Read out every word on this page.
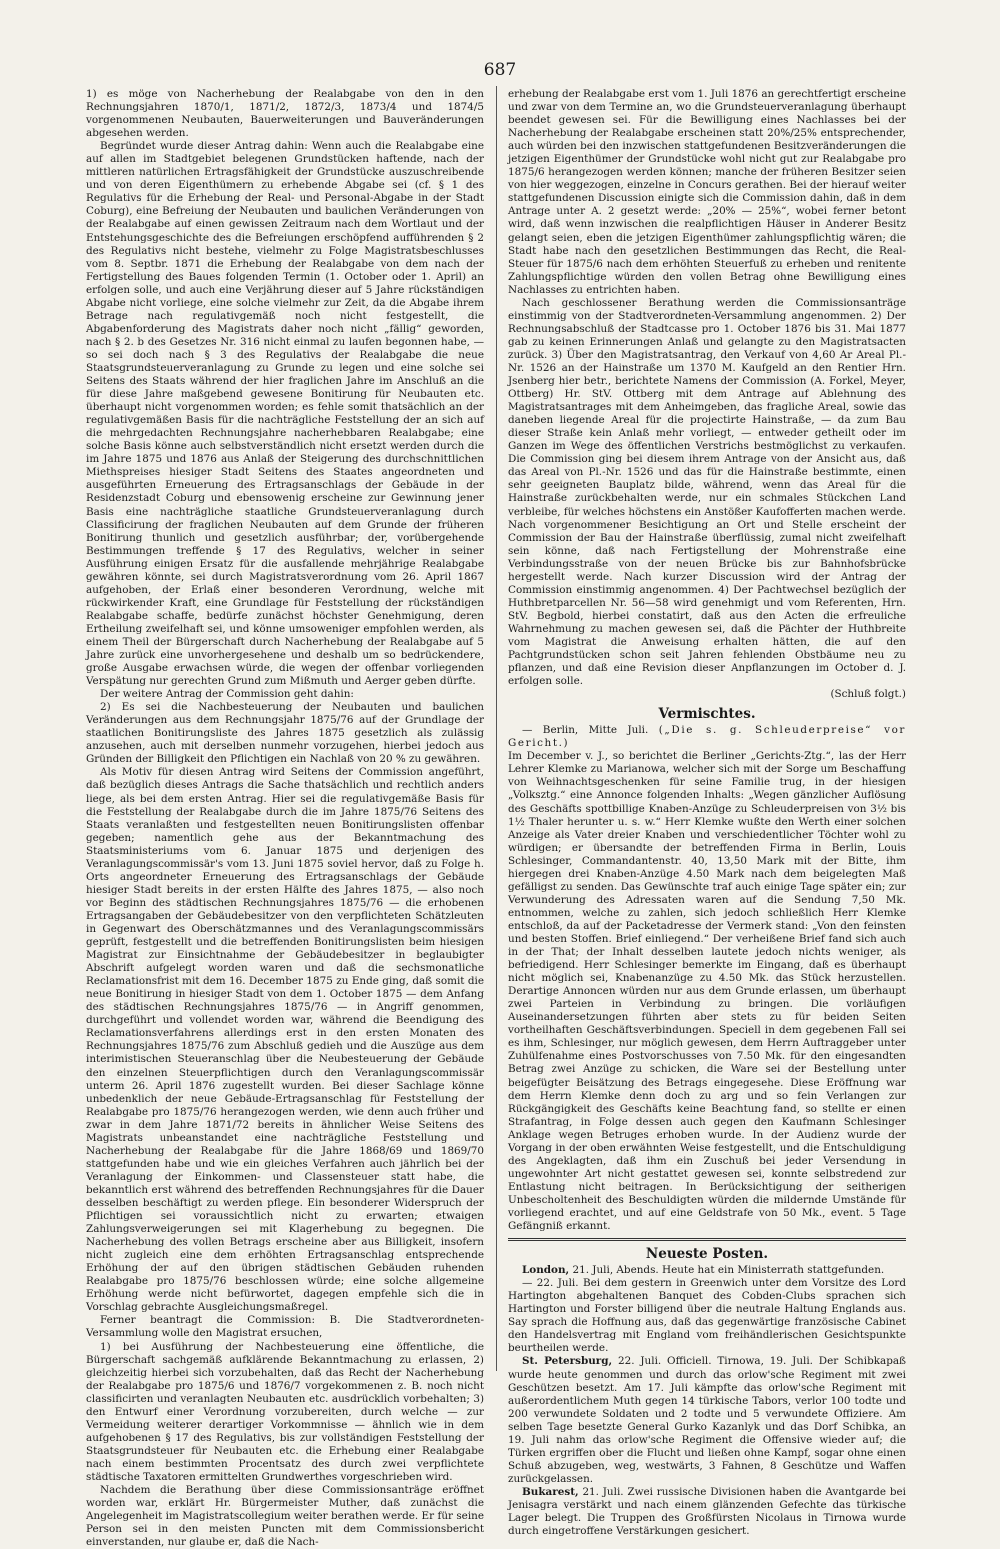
687

1) es möge von Nacherhebung der Realabgabe von den in den Rechnungsjahren 1870/1, 1871/2, 1872/3, 1873/4 und 1874/5 vorgenommenen Neubauten, Bauerweiterungen und Bauveränderungen abgesehen werden.

Begründet wurde dieser Antrag dahin: Wenn auch die Realabgabe eine auf allen im Stadtgebiet belegenen Grundstücken haftende, nach der mittleren natürlichen Ertragsfähigkeit der Grundstücke auszuschreibende und von deren Eigenthümern zu erhebende Abgabe sei (cf. § 1 des Regulativs für die Erhebung der Real- und Personal-Abgabe in der Stadt Coburg), eine Befreiung der Neubauten und baulichen Veränderungen von der Realabgabe auf einen gewissen Zeitraum nach dem Wortlaut und der Entstehungsgeschichte des die Befreiungen erschöpfend aufführenden § 2 des Regulativs nicht bestehe, vielmehr zu Folge Magistratsbeschlusses vom 8. Septbr. 1871 die Erhebung der Realabgabe von dem nach der Fertigstellung des Baues folgenden Termin (1. October oder 1. April) an erfolgen solle, und auch eine Verjährung dieser auf 5 Jahre rückständigen Abgabe nicht vorliege, eine solche vielmehr zur Zeit, da die Abgabe ihrem Betrage nach regulativgemäß noch nicht festgestellt, die Abgabenforderung des Magistrats daher noch nicht „fällig“ geworden, nach § 2. b des Gesetzes Nr. 316 nicht einmal zu laufen begonnen habe, — so sei doch nach § 3 des Regulativs der Realabgabe die neue Staatsgrundsteuerveranlagung zu Grunde zu legen und eine solche sei Seitens des Staats während der hier fraglichen Jahre im Anschluß an die für diese Jahre maßgebend gewesene Bonitirung für Neubauten etc. überhaupt nicht vorgenommen worden; es fehle somit thatsächlich an der regulativgemäßen Basis für die nachträgliche Feststellung der an sich auf die mehrgedachten Rechnungsjahre nacherhebbaren Realabgabe; eine solche Basis könne auch selbstverständlich nicht ersetzt werden durch die im Jahre 1875 und 1876 aus Anlaß der Steigerung des durchschnittlichen Miethspreises hiesiger Stadt Seitens des Staates angeordneten und ausgeführten Erneuerung des Ertragsanschlags der Gebäude in der Residenzstadt Coburg und ebensowenig erscheine zur Gewinnung jener Basis eine nachträgliche staatliche Grundsteuerveranlagung durch Classificirung der fraglichen Neubauten auf dem Grunde der früheren Bonitirung thunlich und gesetzlich ausführbar; der, vorübergehende Bestimmungen treffende § 17 des Regulativs, welcher in seiner Ausführung einigen Ersatz für die ausfallende mehrjährige Realabgabe gewähren könnte, sei durch Magistratsverordnung vom 26. April 1867 aufgehoben, der Erlaß einer besonderen Verordnung, welche mit rückwirkender Kraft, eine Grundlage für Feststellung der rückständigen Realabgabe schaffe, bedürfe zunächst höchster Genehmigung, deren Ertheilung zweifelhaft sei, und könne umsoweniger empfohlen werden, als einem Theil der Bürgerschaft durch Nacherhebung der Realabgabe auf 5 Jahre zurück eine unvorhergesehene und deshalb um so bedrückendere, große Ausgabe erwachsen würde, die wegen der offenbar vorliegenden Verspätung nur gerechten Grund zum Mißmuth und Aerger geben dürfte.

Der weitere Antrag der Commission geht dahin:

2) Es sei die Nachbesteuerung der Neubauten und baulichen Veränderungen aus dem Rechnungsjahr 1875/76 auf der Grundlage der staatlichen Bonitirungsliste des Jahres 1875 gesetzlich als zulässig anzusehen, auch mit derselben nunmehr vorzugehen, hierbei jedoch aus Gründen der Billigkeit den Pflichtigen ein Nachlaß von 20 % zu gewähren.

Als Motiv für diesen Antrag wird Seitens der Commission angeführt, daß bezüglich dieses Antrags die Sache thatsächlich und rechtlich anders liege, als bei dem ersten Antrag. Hier sei die regulativgemäße Basis für die Feststellung der Realabgabe durch die im Jahre 1875/76 Seitens des Staats veranlaßten und festgestellten neuen Bonitirungslisten offenbar gegeben; namentlich gehe aus der Bekanntmachung des Staatsministeriums vom 6. Januar 1875 und derjenigen des Veranlagungscommissär's vom 13. Juni 1875 soviel hervor, daß zu Folge h. Orts angeordneter Erneuerung des Ertragsanschlags der Gebäude hiesiger Stadt bereits in der ersten Hälfte des Jahres 1875, — also noch vor Beginn des städtischen Rechnungsjahres 1875/76 — die erhobenen Ertragsangaben der Gebäudebesitzer von den verpflichteten Schätzleuten in Gegenwart des Oberschätzmannes und des Veranlagungscommissärs geprüft, festgestellt und die betreffenden Bonitirungslisten beim hiesigen Magistrat zur Einsichtnahme der Gebäudebesitzer in beglaubigter Abschrift aufgelegt worden waren und daß die sechsmonatliche Reclamationsfrist mit dem 16. December 1875 zu Ende ging, daß somit die neue Bonitirung in hiesiger Stadt von dem 1. October 1875 — dem Anfang des städtischen Rechnungsjahres 1875/76 — in Angriff genommen, durchgeführt und vollendet worden war, während die Beendigung des Reclamationsverfahrens allerdings erst in den ersten Monaten des Rechnungsjahres 1875/76 zum Abschluß gedieh und die Auszüge aus dem interimistischen Steueranschlag über die Neubesteuerung der Gebäude den einzelnen Steuerpflichtigen durch den Veranlagungscommissär unterm 26. April 1876 zugestellt wurden. Bei dieser Sachlage könne unbedenklich der neue Gebäude-Ertragsanschlag für Feststellung der Realabgabe pro 1875/76 herangezogen werden, wie denn auch früher und zwar in dem Jahre 1871/72 bereits in ähnlicher Weise Seitens des Magistrats unbeanstandet eine nachträgliche Feststellung und Nacherhebung der Realabgabe für die Jahre 1868/69 und 1869/70 stattgefunden habe und wie ein gleiches Verfahren auch jährlich bei der Veranlagung der Einkommen- und Classensteuer statt habe, die bekanntlich erst während des betreffenden Rechnungsjahres für die Dauer desselben beschäftigt zu werden pflege. Ein besonderer Widerspruch der Pflichtigen sei voraussichtlich nicht zu erwarten; etwaigen Zahlungsverweigerungen sei mit Klagerhebung zu begegnen. Die Nacherhebung des vollen Betrags erscheine aber aus Billigkeit, insofern nicht zugleich eine dem erhöhten Ertragsanschlag entsprechende Erhöhung der auf den übrigen städtischen Gebäuden ruhenden Realabgabe pro 1875/76 beschlossen würde; eine solche allgemeine Erhöhung werde nicht befürwortet, dagegen empfehle sich die in Vorschlag gebrachte Ausgleichungsmaßregel.

Ferner beantragt die Commission: B. Die Stadtverordneten-Versammlung wolle den Magistrat ersuchen,

1) bei Ausführung der Nachbesteuerung eine öffentliche, die Bürgerschaft sachgemäß aufklärende Bekanntmachung zu erlassen, 2) gleichzeitig hierbei sich vorzubehalten, daß das Recht der Nacherhebung der Realabgabe pro 1875/6 und 1876/7 vorgekommenen z. B. noch nicht classificirten und veranlagten Neubauten etc. ausdrücklich vorbehalten; 3) den Entwurf einer Verordnung vorzubereiten, durch welche — zur Vermeidung weiterer derartiger Vorkommnisse — ähnlich wie in dem aufgehobenen § 17 des Regulativs, bis zur vollständigen Feststellung der Staatsgrundsteuer für Neubauten etc. die Erhebung einer Realabgabe nach einem bestimmten Procentsatz des durch zwei verpflichtete städtische Taxatoren ermittelten Grundwerthes vorgeschrieben wird.

Nachdem die Berathung über diese Commissionsanträge eröffnet worden war, erklärt Hr. Bürgermeister Muther, daß zunächst die Angelegenheit im Magistratscollegium weiter berathen werde. Er für seine Person sei in den meisten Puncten mit dem Commissionsbericht einverstanden, nur glaube er, daß die Nach-

erhebung der Realabgabe erst vom 1. Juli 1876 an gerechtfertigt erscheine und zwar von dem Termine an, wo die Grundsteuerveranlagung überhaupt beendet gewesen sei. Für die Bewilligung eines Nachlasses bei der Nacherhebung der Realabgabe erscheinen statt 20%/25% entsprechender, auch würden bei den inzwischen stattgefundenen Besitzveränderungen die jetzigen Eigenthümer der Grundstücke wohl nicht gut zur Realabgabe pro 1875/6 herangezogen werden können; manche der früheren Besitzer seien von hier weggezogen, einzelne in Concurs gerathen. Bei der hierauf weiter stattgefundenen Discussion einigte sich die Commission dahin, daß in dem Antrage unter A. 2 gesetzt werde: „20% — 25%“, wobei ferner betont wird, daß wenn inzwischen die realpflichtigen Häuser in Anderer Besitz gelangt seien, eben die jetzigen Eigenthümer zahlungspflichtig wären; die Stadt habe nach den gesetzlichen Bestimmungen das Recht, die Real-Steuer für 1875/6 nach dem erhöhten Steuerfuß zu erheben und renitente Zahlungspflichtige würden den vollen Betrag ohne Bewilligung eines Nachlasses zu entrichten haben.

Nach geschlossener Berathung werden die Commissionsanträge einstimmig von der Stadtverordneten-Versammlung angenommen. 2) Der Rechnungsabschluß der Stadtcasse pro 1. October 1876 bis 31. Mai 1877 gab zu keinen Erinnerungen Anlaß und gelangte zu den Magistratsacten zurück. 3) Über den Magistratsantrag, den Verkauf von 4,60 Ar Areal Pl.-Nr. 1526 an der Hainstraße um 1370 M. Kaufgeld an den Rentier Hrn. Jsenberg hier betr., berichtete Namens der Commission (A. Forkel, Meyer, Ottberg) Hr. StV. Ottberg mit dem Antrage auf Ablehnung des Magistratsantrages mit dem Anheimgeben, das fragliche Areal, sowie das daneben liegende Areal für die projectirte Hainstraße, — da zum Bau dieser Straße kein Anlaß mehr vorliegt, — entweder getheilt oder im Ganzen im Wege des öffentlichen Verstrichs bestmöglichst zu verkaufen. Die Commission ging bei diesem ihrem Antrage von der Ansicht aus, daß das Areal von Pl.-Nr. 1526 und das für die Hainstraße bestimmte, einen sehr geeigneten Bauplatz bilde, während, wenn das Areal für die Hainstraße zurückbehalten werde, nur ein schmales Stückchen Land verbleibe, für welches höchstens ein Anstößer Kaufofferten machen werde. Nach vorgenommener Besichtigung an Ort und Stelle erscheint der Commission der Bau der Hainstraße überflüssig, zumal nicht zweifelhaft sein könne, daß nach Fertigstellung der Mohrenstraße eine Verbindungsstraße von der neuen Brücke bis zur Bahnhofsbrücke hergestellt werde. Nach kurzer Discussion wird der Antrag der Commission einstimmig angenommen. 4) Der Pachtwechsel bezüglich der Huthbretparcellen Nr. 56—58 wird genehmigt und vom Referenten, Hrn. StV. Begbold, hierbei constatirt, daß aus den Acten die erfreuliche Wahrnehmung zu machen gewesen sei, daß die Pächter der Huthbreite vom Magistrat die Anweisung erhalten hätten, die auf den Pachtgrundstücken schon seit Jahren fehlenden Obstbäume neu zu pflanzen, und daß eine Revision dieser Anpflanzungen im October d. J. erfolgen solle.

(Schluß folgt.)
Vermischtes.

— Berlin, Mitte Juli. („Die s. g. Schleuderpreise“ vor Gericht.)

Im December v. J., so berichtet die Berliner „Gerichts-Ztg.“, las der Herr Lehrer Klemke zu Marianowa, welcher sich mit der Sorge um Beschaffung von Weihnachtsgeschenken für seine Familie trug, in der hiesigen „Volksztg.“ eine Annonce folgenden Inhalts: „Wegen gänzlicher Auflösung des Geschäfts spottbillige Knaben-Anzüge zu Schleuderpreisen von 3½ bis 1½ Thaler herunter u. s. w.“ Herr Klemke wußte den Werth einer solchen Anzeige als Vater dreier Knaben und verschiedentlicher Töchter wohl zu würdigen; er übersandte der betreffenden Firma in Berlin, Louis Schlesinger, Commandantenstr. 40, 13,50 Mark mit der Bitte, ihm hiergegen drei Knaben-Anzüge 4.50 Mark nach dem beigelegten Maß gefälligst zu senden. Das Gewünschte traf auch einige Tage später ein; zur Verwunderung des Adressaten waren auf die Sendung 7,50 Mk. entnommen, welche zu zahlen, sich jedoch schließlich Herr Klemke entschloß, da auf der Packetadresse der Vermerk stand: „Von den feinsten und besten Stoffen. Brief einliegend.“ Der verheißene Brief fand sich auch in der That; der Inhalt desselben lautete jedoch nichts weniger, als befriedigend. Herr Schlesinger bemerkte im Eingang, daß es überhaupt nicht möglich sei, Knabenanzüge zu 4.50 Mk. das Stück herzustellen. Derartige Annoncen würden nur aus dem Grunde erlassen, um überhaupt zwei Parteien in Verbindung zu bringen. Die vorläufigen Auseinandersetzungen führten aber stets zu für beiden Seiten vortheilhaften Geschäftsverbindungen. Speciell in dem gegebenen Fall sei es ihm, Schlesinger, nur möglich gewesen, dem Herrn Auftraggeber unter Zuhülfenahme eines Postvorschusses von 7.50 Mk. für den eingesandten Betrag zwei Anzüge zu schicken, die Ware sei der Bestellung unter beigefügter Beisätzung des Betrags eingegesehe. Diese Eröffnung war dem Herrn Klemke denn doch zu arg und so fein Verlangen zur Rückgängigkeit des Geschäfts keine Beachtung fand, so stellte er einen Strafantrag, in Folge dessen auch gegen den Kaufmann Schlesinger Anklage wegen Betruges erhoben wurde. In der Audienz wurde der Vorgang in der oben erwähnten Weise festgestellt, und die Entschuldigung des Angeklagten, daß ihm ein Zuschuß bei jeder Versendung in ungewohnter Art nicht gestattet gewesen sei, konnte selbstredend zur Entlastung nicht beitragen. In Berücksichtigung der seitherigen Unbescholtenheit des Beschuldigten würden die mildernde Umstände für vorliegend erachtet, und auf eine Geldstrafe von 50 Mk., event. 5 Tage Gefängniß erkannt.

Neueste Posten.

London, 21. Juli, Abends. Heute hat ein Ministerrath stattgefunden.

— 22. Juli. Bei dem gestern in Greenwich unter dem Vorsitze des Lord Hartington abgehaltenen Banquet des Cobden-Clubs sprachen sich Hartington und Forster billigend über die neutrale Haltung Englands aus. Say sprach die Hoffnung aus, daß das gegenwärtige französische Cabinet den Handelsvertrag mit England vom freihändlerischen Gesichtspunkte beurtheilen werde.

St. Petersburg, 22. Juli. Officiell. Tirnowa, 19. Juli. Der Schibkapaß wurde heute genommen und durch das orlow'sche Regiment mit zwei Geschützen besetzt. Am 17. Juli kämpfte das orlow'sche Regiment mit außerordentlichem Muth gegen 14 türkische Tabors, verlor 100 todte und 200 verwundete Soldaten und 2 todte und 5 verwundete Offiziere. Am selben Tage besetzte General Gurko Kazanlyk und das Dorf Schibka, an 19. Juli nahm das orlow'sche Regiment die Offensive wieder auf; die Türken ergriffen ober die Flucht und ließen ohne Kampf, sogar ohne einen Schuß abzugeben, weg, westwärts, 3 Fahnen, 8 Geschütze und Waffen zurückgelassen.

Bukarest, 21. Juli. Zwei russische Divisionen haben die Avantgarde bei Jenisagra verstärkt und nach einem glänzenden Gefechte das türkische Lager belegt. Die Truppen des Großfürsten Nicolaus in Tirnowa wurde durch eingetroffene Verstärkungen gesichert.
